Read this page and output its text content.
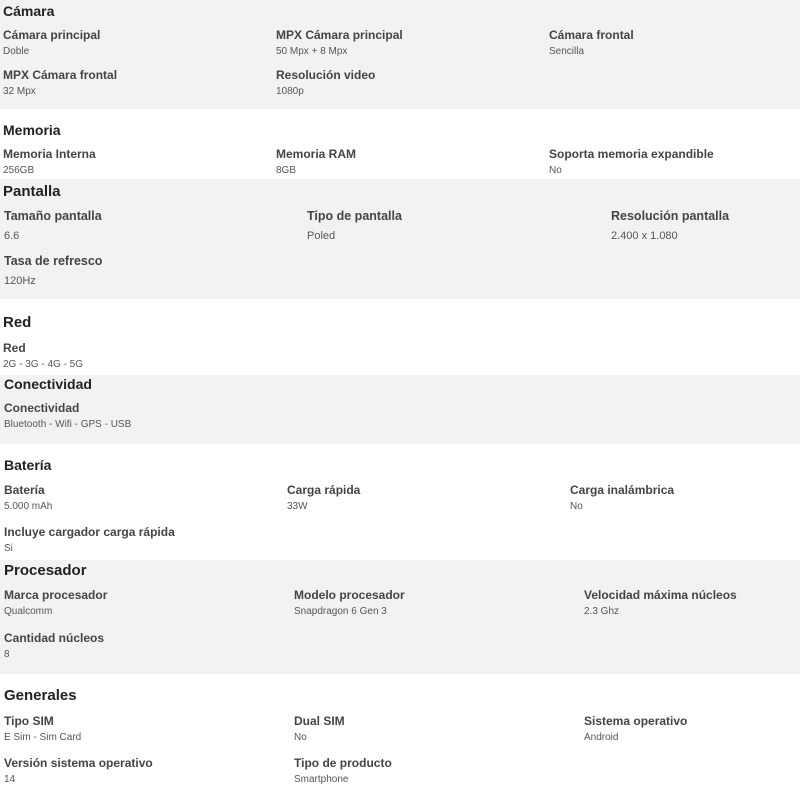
Cámara
Cámara principal
Doble
MPX Cámara principal
50 Mpx + 8 Mpx
Cámara frontal
Sencilla
MPX Cámara frontal
32 Mpx
Resolución video
1080p
Memoria
Memoria Interna
256GB
Memoria RAM
8GB
Soporta memoria expandible
No
Pantalla
Tamaño pantalla
6.6
Tipo de pantalla
Poled
Resolución pantalla
2.400 x 1.080
Tasa de refresco
120Hz
Red
Red
2G - 3G - 4G - 5G
Conectividad
Conectividad
Bluetooth - Wifi - GPS - USB
Batería
Batería
5.000 mAh
Carga rápida
33W
Carga inalámbrica
No
Incluye cargador carga rápida
Si
Procesador
Marca procesador
Qualcomm
Modelo procesador
Snapdragon 6 Gen 3
Velocidad máxima núcleos
2.3 Ghz
Cantidad núcleos
8
Generales
Tipo SIM
E Sim - Sim Card
Dual SIM
No
Sistema operativo
Android
Versión sistema operativo
14
Tipo de producto
Smartphone
